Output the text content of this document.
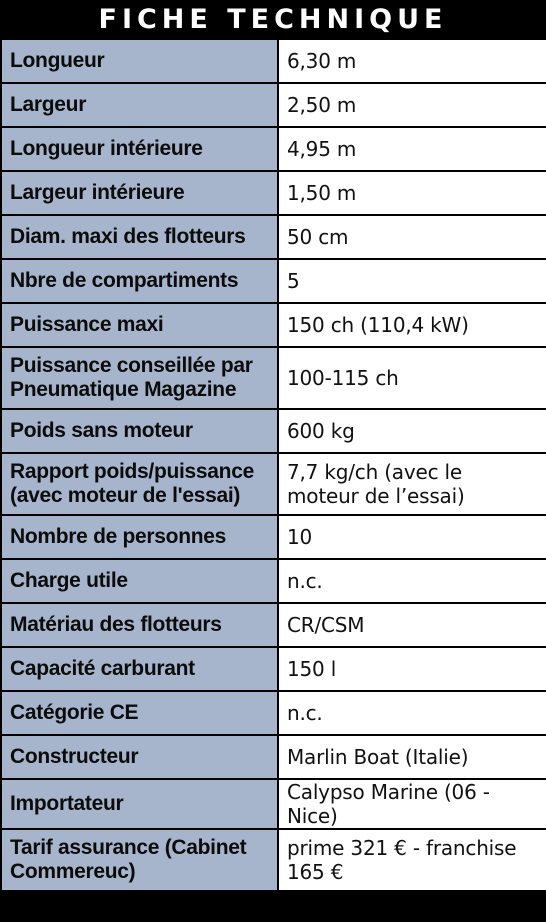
FICHE TECHNIQUE
Longueur	6,30 m
Largeur	2,50 m
Longueur intérieure	4,95 m
Largeur intérieure	1,50 m
Diam. maxi des flotteurs	50 cm
Nbre de compartiments	5
Puissance maxi	150 ch (110,4 kW)
Puissance conseillée par Pneumatique Magazine	100-115 ch
Poids sans moteur	600 kg
Rapport poids/puissance (avec moteur de l'essai)	7,7 kg/ch (avec le moteur de l’essai)
Nombre de personnes	10
Charge utile	n.c.
Matériau des flotteurs	CR/CSM
Capacité carburant	150 l
Catégorie CE	n.c.
Constructeur	Marlin Boat (Italie)
Importateur	Calypso Marine (06 - Nice)
Tarif assurance (Cabinet Commereuc)	prime 321 € - franchise 165 €
